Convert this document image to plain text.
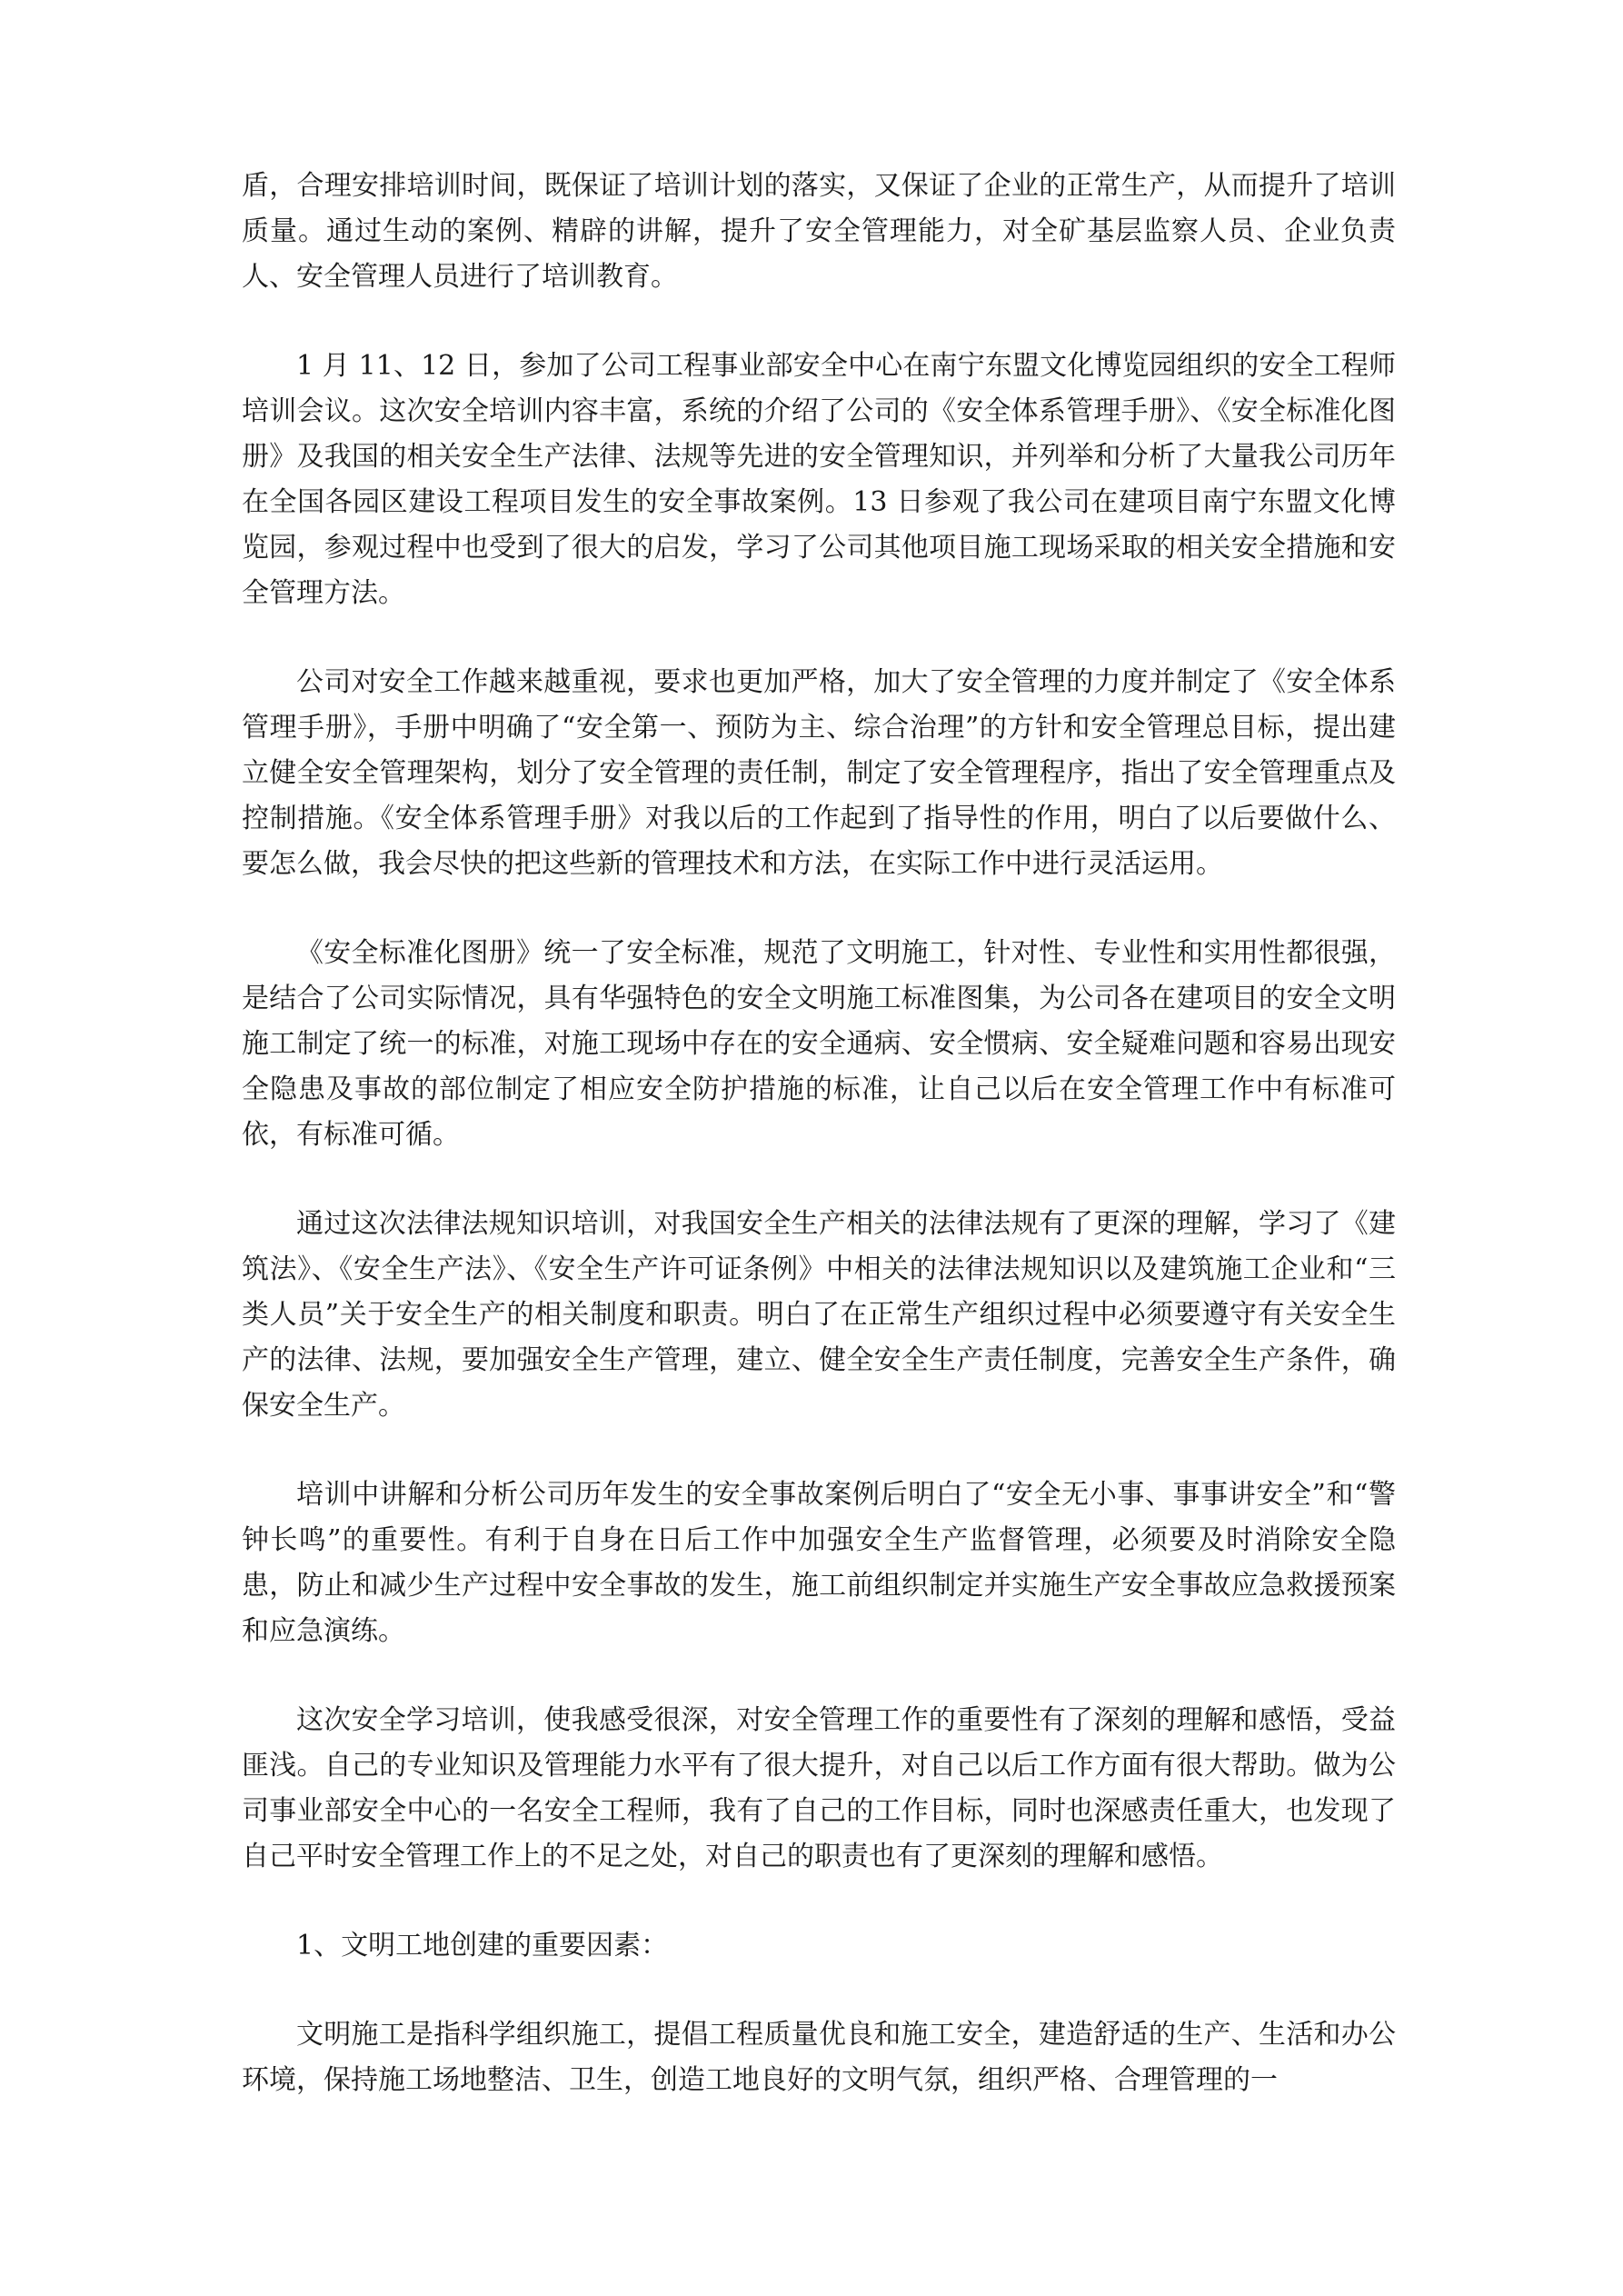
盾，合理安排培训时间，既保证了培训计划的落实，又保证了企业的正常生产，从而提升了培训质量。通过生动的案例、精辟的讲解，提升了安全管理能力，对全矿基层监察人员、企业负责人、安全管理人员进行了培训教育。

1 月 11、12 日，参加了公司工程事业部安全中心在南宁东盟文化博览园组织的安全工程师培训会议。这次安全培训内容丰富，系统的介绍了公司的《安全体系管理手册》、《安全标准化图册》及我国的相关安全生产法律、法规等先进的安全管理知识，并列举和分析了大量我公司历年在全国各园区建设工程项目发生的安全事故案例。13 日参观了我公司在建项目南宁东盟文化博览园，参观过程中也受到了很大的启发，学习了公司其他项目施工现场采取的相关安全措施和安全管理方法。

公司对安全工作越来越重视，要求也更加严格，加大了安全管理的力度并制定了《安全体系管理手册》，手册中明确了“安全第一、预防为主、综合治理”的方针和安全管理总目标，提出建立健全安全管理架构，划分了安全管理的责任制，制定了安全管理程序，指出了安全管理重点及控制措施。《安全体系管理手册》对我以后的工作起到了指导性的作用，明白了以后要做什么、要怎么做，我会尽快的把这些新的管理技术和方法，在实际工作中进行灵活运用。

《安全标准化图册》统一了安全标准，规范了文明施工，针对性、专业性和实用性都很强，是结合了公司实际情况，具有华强特色的安全文明施工标准图集，为公司各在建项目的安全文明施工制定了统一的标准，对施工现场中存在的安全通病、安全惯病、安全疑难问题和容易出现安全隐患及事故的部位制定了相应安全防护措施的标准，让自己以后在安全管理工作中有标准可依，有标准可循。

通过这次法律法规知识培训，对我国安全生产相关的法律法规有了更深的理解，学习了《建筑法》、《安全生产法》、《安全生产许可证条例》中相关的法律法规知识以及建筑施工企业和“三类人员”关于安全生产的相关制度和职责。明白了在正常生产组织过程中必须要遵守有关安全生产的法律、法规，要加强安全生产管理，建立、健全安全生产责任制度，完善安全生产条件，确保安全生产。

培训中讲解和分析公司历年发生的安全事故案例后明白了“安全无小事、事事讲安全”和“警钟长鸣”的重要性。有利于自身在日后工作中加强安全生产监督管理，必须要及时消除安全隐患，防止和减少生产过程中安全事故的发生，施工前组织制定并实施生产安全事故应急救援预案和应急演练。

这次安全学习培训，使我感受很深，对安全管理工作的重要性有了深刻的理解和感悟，受益匪浅。自己的专业知识及管理能力水平有了很大提升，对自己以后工作方面有很大帮助。做为公司事业部安全中心的一名安全工程师，我有了自己的工作目标，同时也深感责任重大，也发现了自己平时安全管理工作上的不足之处，对自己的职责也有了更深刻的理解和感悟。

1、文明工地创建的重要因素：

文明施工是指科学组织施工，提倡工程质量优良和施工安全，建造舒适的生产、生活和办公环境，保持施工场地整洁、卫生，创造工地良好的文明气氛，组织严格、合理管理的一
